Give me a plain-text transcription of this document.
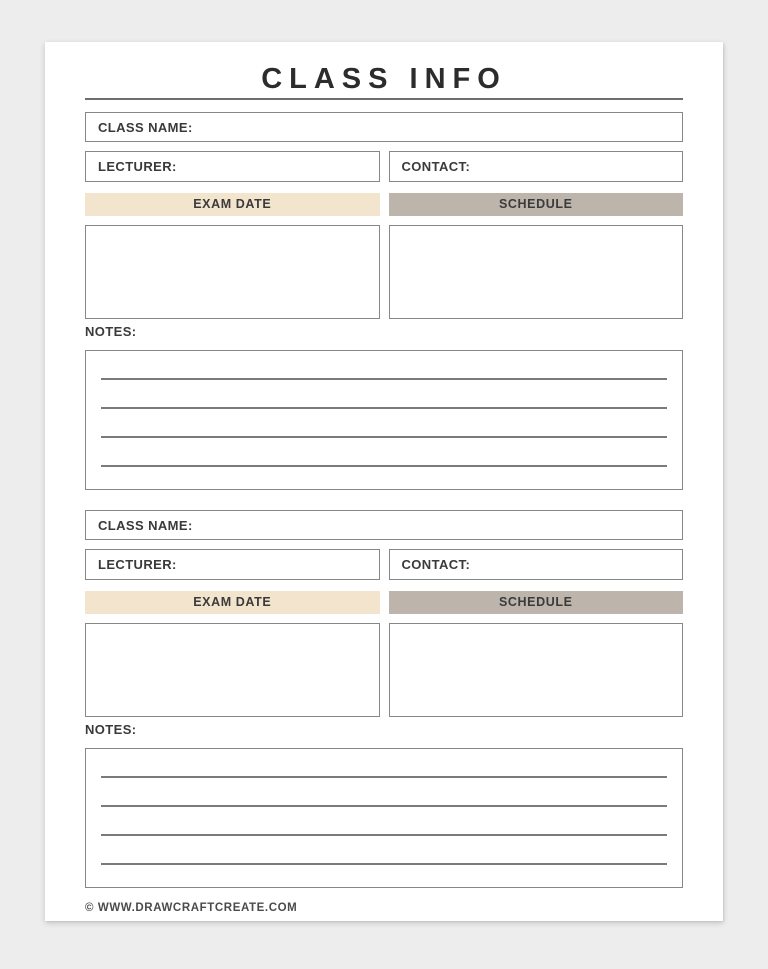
CLASS INFO
CLASS NAME:
LECTURER:	CONTACT:
EXAM DATE	SCHEDULE
NOTES:
CLASS NAME:
LECTURER:	CONTACT:
EXAM DATE	SCHEDULE
NOTES:
© WWW.DRAWCRAFTCREATE.COM
